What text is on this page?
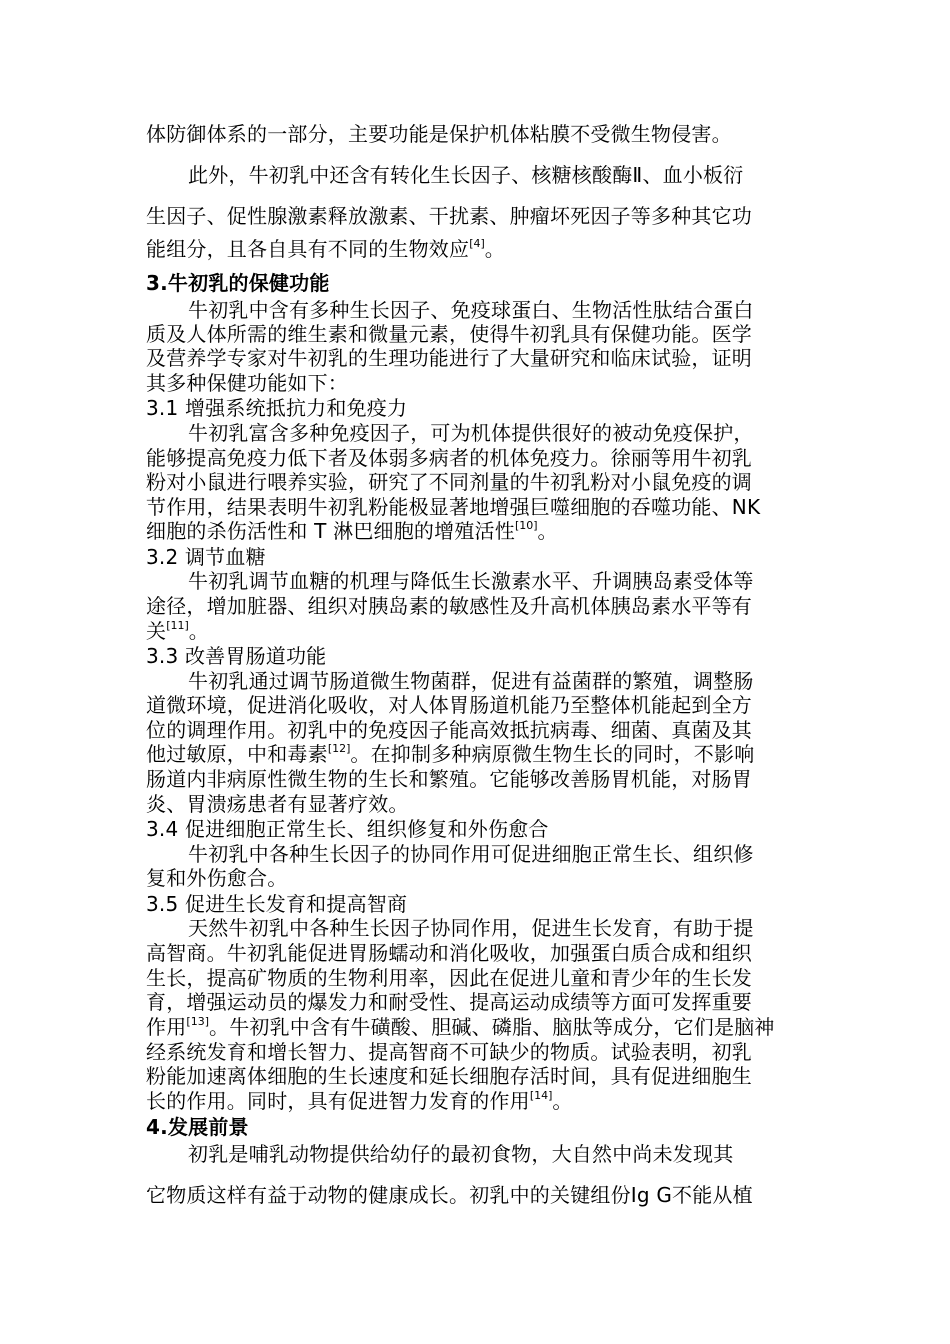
体防御体系的一部分，主要功能是保护机体粘膜不受微生物侵害。

此外，牛初乳中还含有转化生长因子、核糖核酸酶Ⅱ、血小板衍

生因子、促性腺激素释放激素、干扰素、肿瘤坏死因子等多种其它功

能组分，且各自具有不同的生物效应[4]。

3.牛初乳的保健功能

牛初乳中含有多种生长因子、免疫球蛋白、生物活性肽结合蛋白

质及人体所需的维生素和微量元素，使得牛初乳具有保健功能。医学

及营养学专家对牛初乳的生理功能进行了大量研究和临床试验，证明

其多种保健功能如下：

3.1 增强系统抵抗力和免疫力

牛初乳富含多种免疫因子，可为机体提供很好的被动免疫保护，

能够提高免疫力低下者及体弱多病者的机体免疫力。徐丽等用牛初乳

粉对小鼠进行喂养实验，研究了不同剂量的牛初乳粉对小鼠免疫的调

节作用，结果表明牛初乳粉能极显著地增强巨噬细胞的吞噬功能、NK

细胞的杀伤活性和 T 淋巴细胞的增殖活性[10]。

3.2 调节血糖

牛初乳调节血糖的机理与降低生长激素水平、升调胰岛素受体等

途径，增加脏器、组织对胰岛素的敏感性及升高机体胰岛素水平等有

关[11]。

3.3 改善胃肠道功能

牛初乳通过调节肠道微生物菌群，促进有益菌群的繁殖，调整肠

道微环境，促进消化吸收，对人体胃肠道机能乃至整体机能起到全方

位的调理作用。初乳中的免疫因子能高效抵抗病毒、细菌、真菌及其

他过敏原，中和毒素[12]。在抑制多种病原微生物生长的同时，不影响

肠道内非病原性微生物的生长和繁殖。它能够改善肠胃机能，对肠胃

炎、胃溃疡患者有显著疗效。

3.4 促进细胞正常生长、组织修复和外伤愈合

牛初乳中各种生长因子的协同作用可促进细胞正常生长、组织修

复和外伤愈合。

3.5 促进生长发育和提高智商

天然牛初乳中各种生长因子协同作用，促进生长发育，有助于提

高智商。牛初乳能促进胃肠蠕动和消化吸收，加强蛋白质合成和组织

生长，提高矿物质的生物利用率，因此在促进儿童和青少年的生长发

育，增强运动员的爆发力和耐受性、提高运动成绩等方面可发挥重要

作用[13]。牛初乳中含有牛磺酸、胆碱、磷脂、脑肽等成分，它们是脑神

经系统发育和增长智力、提高智商不可缺少的物质。试验表明，初乳

粉能加速离体细胞的生长速度和延长细胞存活时间，具有促进细胞生

长的作用。同时，具有促进智力发育的作用[14]。

4.发展前景

初乳是哺乳动物提供给幼仔的最初食物，大自然中尚未发现其

它物质这样有益于动物的健康成长。初乳中的关键组份Ig G不能从植
